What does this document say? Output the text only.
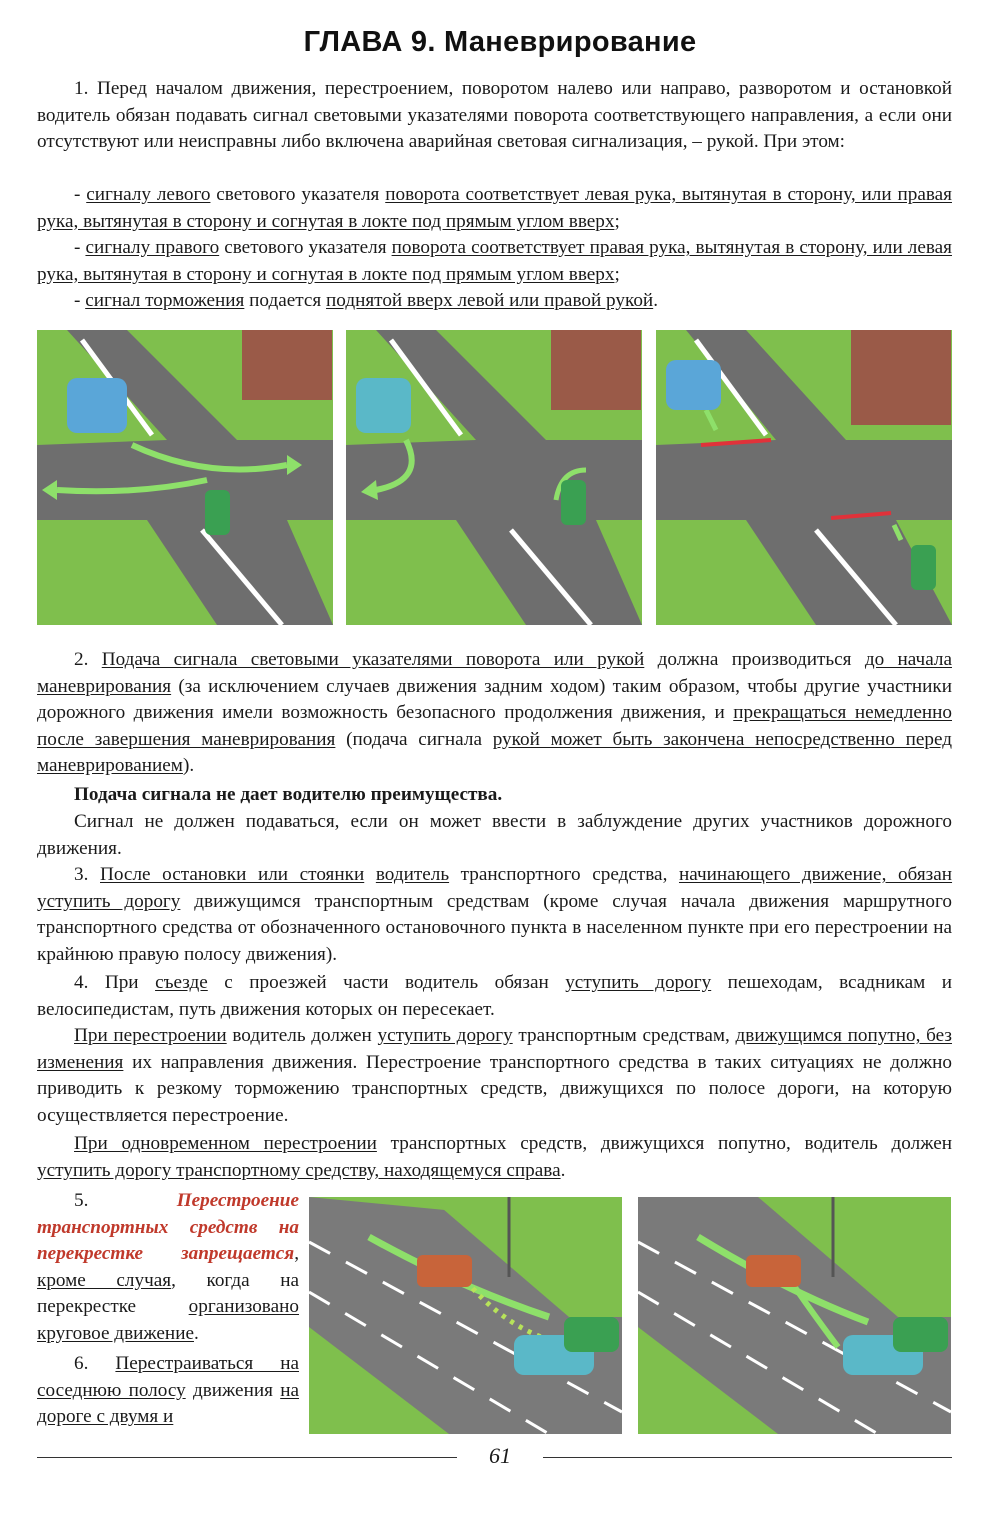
ГЛАВА 9. Маневрирование

1. Перед началом движения, перестроением, поворотом налево или направо, разворотом и остановкой водитель обязан подавать сигнал световыми указателями поворота соответствующего направления, а если они отсутствуют или неисправны либо включена аварийная световая сигнализация, – рукой. При этом:

- сигналу левого светового указателя поворота соответствует левая рука, вытянутая в сторону, или правая рука, вытянутая в сторону и согнутая в локте под прямым углом вверх;

- сигналу правого светового указателя поворота соответствует правая рука, вытянутая в сторону, или левая рука, вытянутая в сторону и согнутая в локте под прямым углом вверх;

- сигнал торможения подается поднятой вверх левой или правой рукой.

2. Подача сигнала световыми указателями поворота или рукой должна производиться до начала маневрирования (за исключением случаев движения задним ходом) таким образом, чтобы другие участники дорожного движения имели возможность безопасного продолжения движения, и прекращаться немедленно после завершения маневрирования (подача сигнала рукой может быть закончена непосредственно перед маневрированием).

Подача сигнала не дает водителю преимущества.

Сигнал не должен подаваться, если он может ввести в заблуждение других участников дорожного движения.

3. После остановки или стоянки водитель транспортного средства, начинающего движение, обязан уступить дорогу движущимся транспортным средствам (кроме случая начала движения маршрутного транспортного средства от обозначенного остановочного пункта в населенном пункте при его перестроении на крайнюю правую полосу движения).

4. При съезде с проезжей части водитель обязан уступить дорогу пешеходам, всадникам и велосипедистам, путь движения которых он пересекает.

При перестроении водитель должен уступить дорогу транспортным средствам, движущимся попутно, без изменения их направления движения. Перестроение транспортного средства в таких ситуациях не должно приводить к резкому торможению транспортных средств, движущихся по полосе дороги, на которую осуществляется перестроение.

При одновременном перестроении транспортных средств, движущихся попутно, водитель должен уступить дорогу транспортному средству, находящемуся справа.

5. Перестроение транспортных средств на перекрестке запрещается, кроме случая, когда на перекрестке организовано круговое движение.
6. Перестраиваться на соседнюю полосу движения на дороге с двумя и
61
